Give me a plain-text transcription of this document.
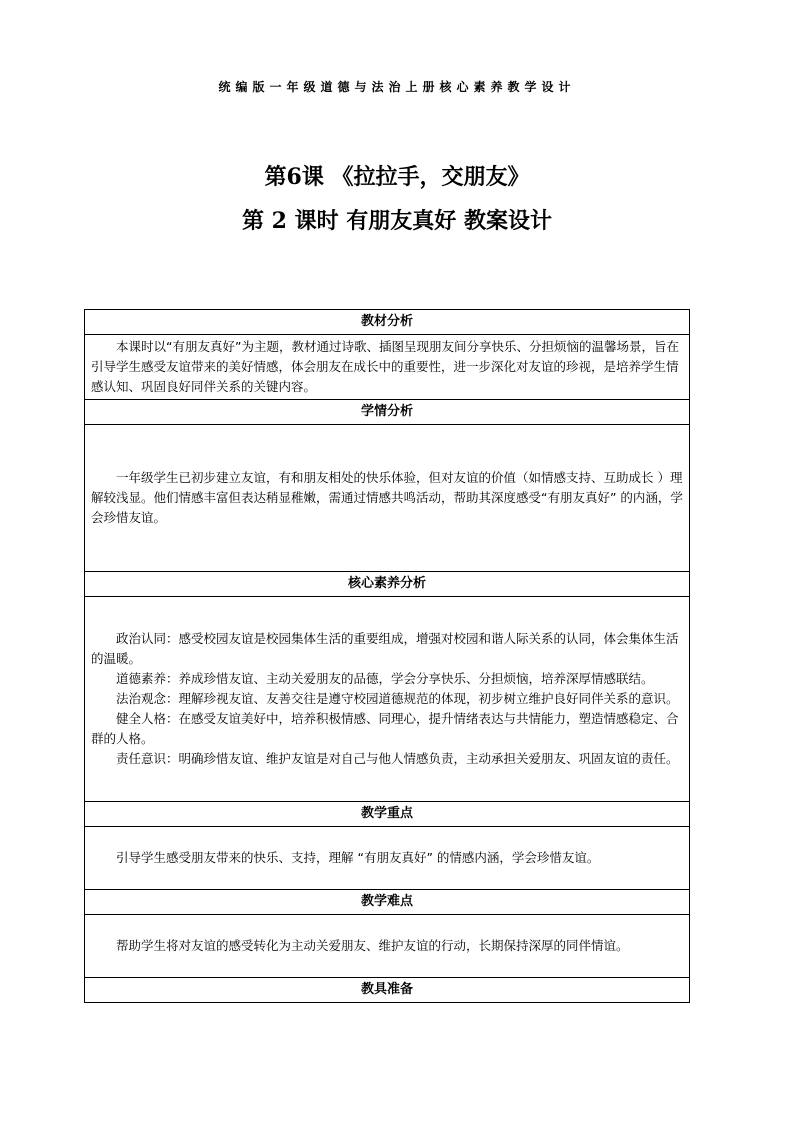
统编版一年级道德与法治上册核心素养教学设计
第6课 《拉拉手，交朋友》
第 2 课时 有朋友真好 教案设计
教材分析

本课时以“有朋友真好”为主题，教材通过诗歌、插图呈现朋友间分享快乐、分担烦恼的温馨场景，旨在引导学生感受友谊带来的美好情感，体会朋友在成长中的重要性，进一步深化对友谊的珍视，是培养学生情感认知、巩固良好同伴关系的关键内容。

学情分析

一年级学生已初步建立友谊，有和朋友相处的快乐体验，但对友谊的价值（如情感支持、互助成长 ）理解较浅显。他们情感丰富但表达稍显稚嫩，需通过情感共鸣活动，帮助其深度感受“有朋友真好” 的内涵，学会珍惜友谊。

核心素养分析

政治认同：感受校园友谊是校园集体生活的重要组成，增强对校园和谐人际关系的认同，体会集体生活的温暖。

道德素养：养成珍惜友谊、主动关爱朋友的品德，学会分享快乐、分担烦恼，培养深厚情感联结。

法治观念：理解珍视友谊、友善交往是遵守校园道德规范的体现，初步树立维护良好同伴关系的意识。

健全人格：在感受友谊美好中，培养积极情感、同理心，提升情绪表达与共情能力，塑造情感稳定、合群的人格。

责任意识：明确珍惜友谊、维护友谊是对自己与他人情感负责，主动承担关爱朋友、巩固友谊的责任。

教学重点

引导学生感受朋友带来的快乐、支持，理解 “有朋友真好” 的情感内涵，学会珍惜友谊。

教学难点

帮助学生将对友谊的感受转化为主动关爱朋友、维护友谊的行动，长期保持深厚的同伴情谊。

教具准备
